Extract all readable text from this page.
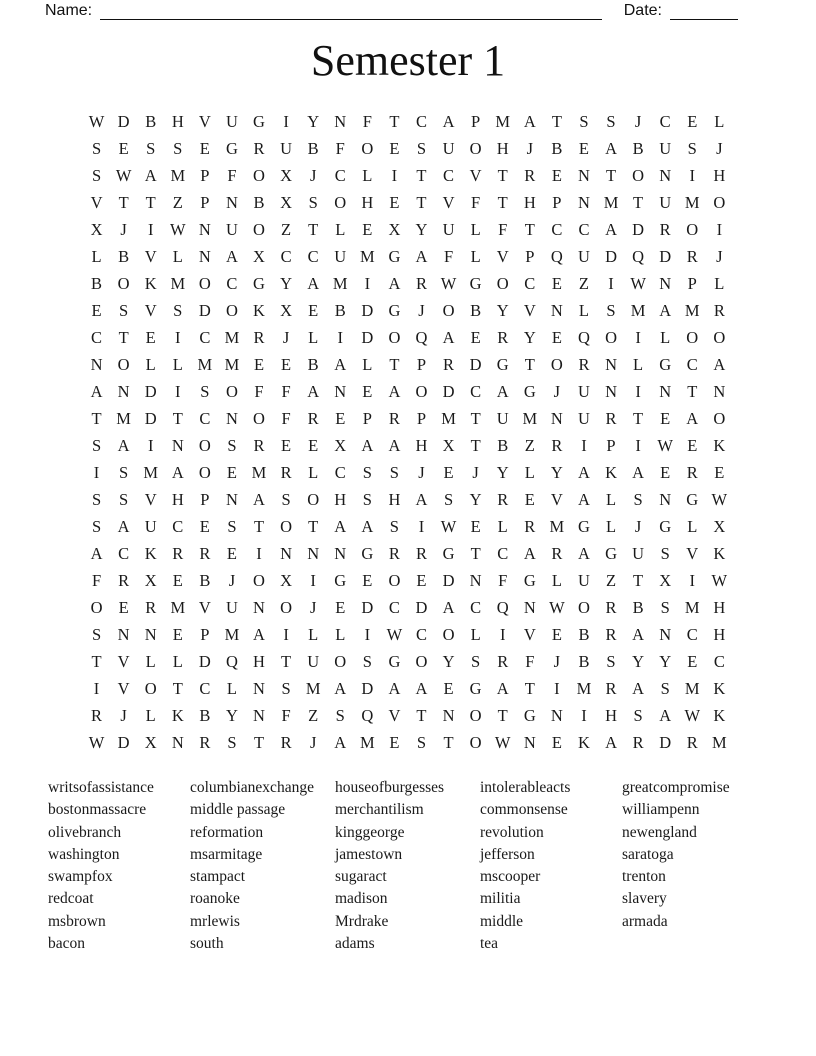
Name:	Date:
Semester 1
W D B H V U G	I	Y N	F	T	C A	P M A T	S	S	J	C	E	L
S	E	S	S	E G R U B	F	O E	S	U O H	J	B	E A B U	S	J
S W A M P	F	O X	J	C	L	I	T	C V T	R	E N T O N	I	H
V T	T	Z	P	N B X	S	O H E	T V	F	T H	P	N M T U M O
X	J	I	W N U O Z	T	L	E X Y U L	F	T	C C A D R O	I
L	B V L N A X C C U M G A	F	L V	P	Q U D Q D R	J
B O K M O C G Y A M	I	A R W G O C	E	Z	I	W N	P	L
E	S	V	S	D O K X E	B D G	J	O B Y V N L	S M A M R
C	T	E	I	C M R	J	L	I	D O Q A E	R Y E Q O	I	L O O
N O L	L M M E	E	B A L	T	P	R D G T O R N L G C A
A N D	I	S	O	F	F	A N E A O D C A G	J	U N	I	N T N
T M D T	C N O	F	R	E	P	R	P M T U M N U R	T	E A O
S	A	I	N O	S	R	E	E X A A H X T	B	Z	R	I	P	I	W E K
I	S M A O E M R	L	C	S	S	J	E	J	Y L Y A K A E	R	E
S	S	V H	P	N A	S	O H	S	H A	S	Y R	E V A L	S	N G W
S	A U C	E	S	T O T A A	S	I	W E	L	R M G L	J	G L X
A C K R R	E	I	N N N G R R G T	C A R A G U	S	V K
F	R X E	B	J	O X	I	G E O E D N	F	G L U Z	T X	I	W
O E	R M V U N O	J	E D C D A C Q N W O R B	S M H
S	N N E	P M A	I	L	L	I	W C O L	I	V E	B R A N C H
T V L	L D Q H T U O	S	G O Y	S	R	F	J	B	S	Y Y E	C
I	V O T	C	L N	S M A D A A E G A T	I	M R A	S M K
R	J	L K B Y N	F	Z	S	Q V T N O T G N	I	H	S	A W K
W D X N R	S	T	R	J	A M E	S	T O W N E K A R D R M
writsofassistance
bostonmassacre
olivebranch
washington
swampfox
redcoat
msbrown
bacon
columbianexchange
middle passage
reformation
msarmitage
stampact
roanoke
mrlewis
south
houseofburgesses
merchantilism
kinggeorge
jamestown
sugaract
madison
Mrdrake
adams
intolerableacts
commonsense
revolution
jefferson
mscooper
militia
middle
tea
greatcompromise
williampenn
newengland
saratoga
trenton
slavery
armada
